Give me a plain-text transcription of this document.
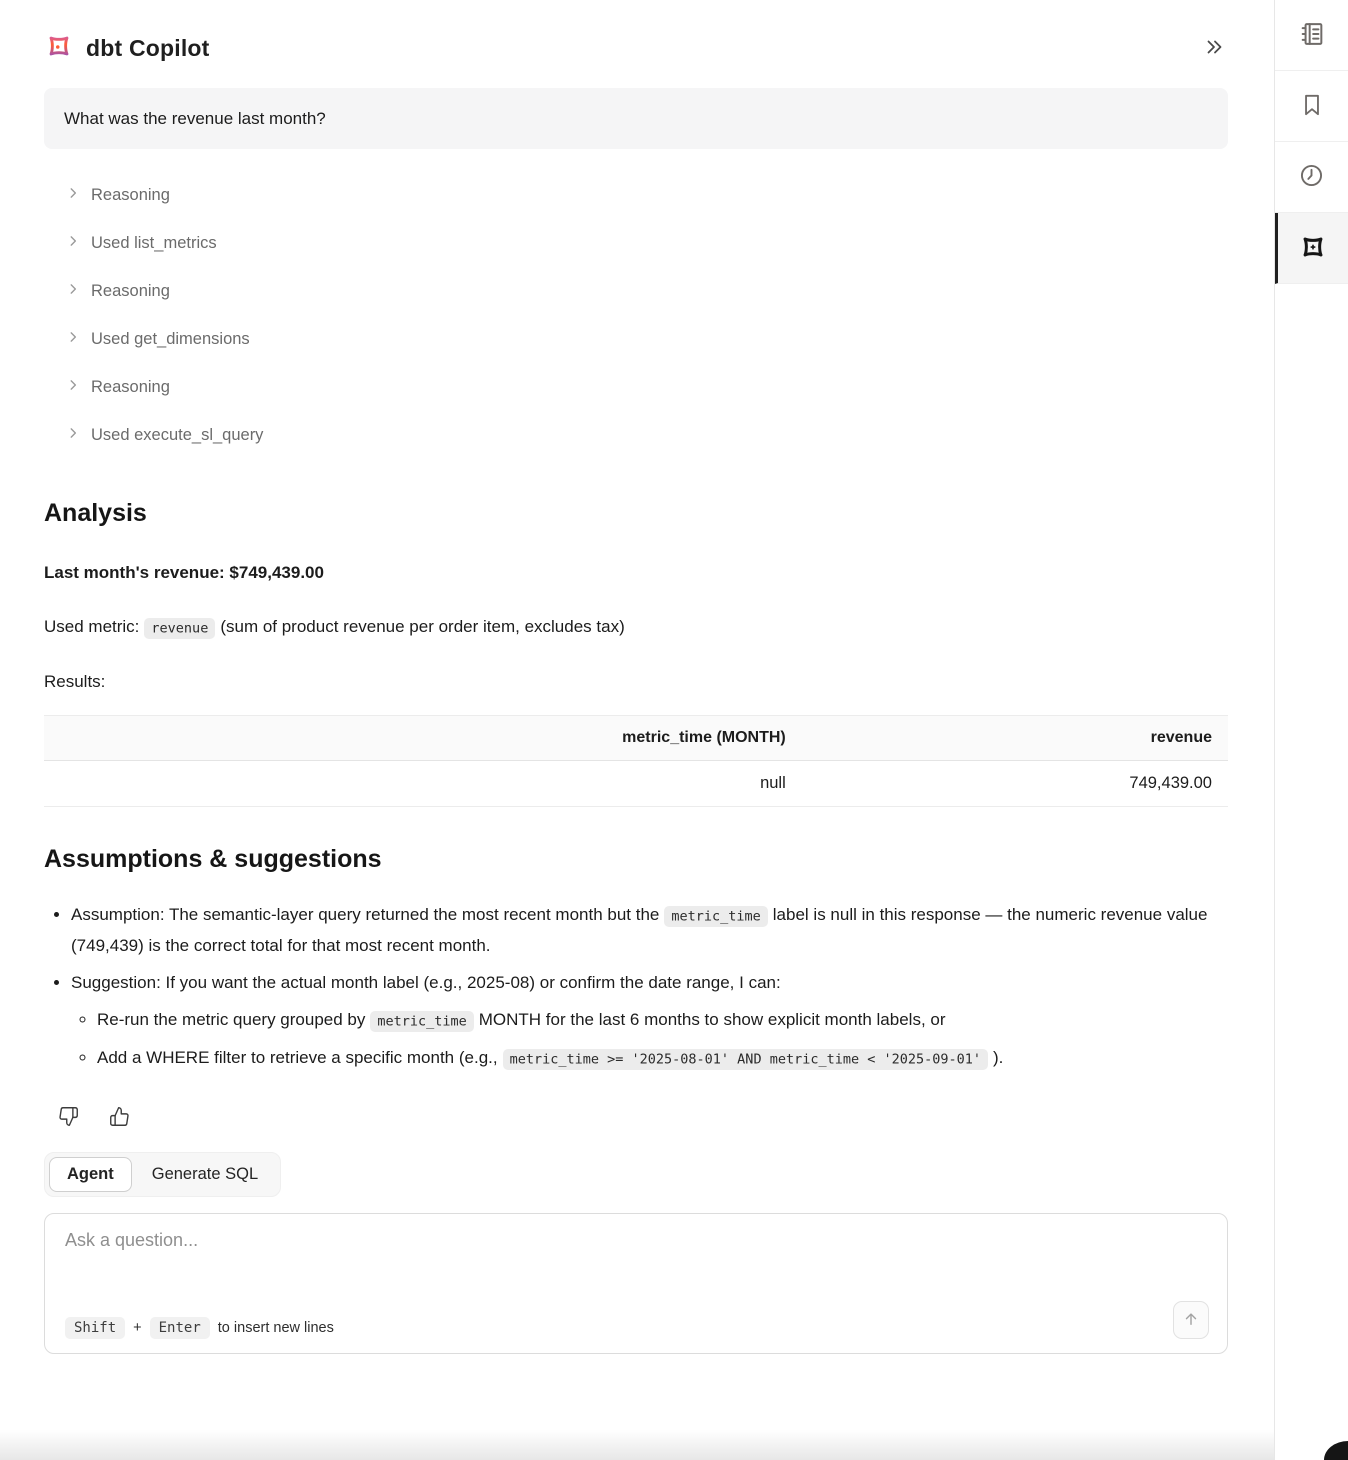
dbt Copilot
What was the revenue last month?
Reasoning
Used list_metrics
Reasoning
Used get_dimensions
Reasoning
Used execute_sl_query
Analysis

Last month's revenue: $749,439.00

Used metric: revenue (sum of product revenue per order item, excludes tax)

Results:

metric_time (MONTH)	revenue
null	749,439.00
Assumptions & suggestions
• Assumption: The semantic-layer query returned the most recent month but the metric_time label is null in this response — the numeric revenue value (749,439) is the correct total for that most recent month.
• Suggestion: If you want the actual month label (e.g., 2025-08) or confirm the date range, I can:
◦ Re-run the metric query grouped by metric_time MONTH for the last 6 months to show explicit month labels, or
◦ Add a WHERE filter to retrieve a specific month (e.g., metric_time >= '2025-08-01' AND metric_time < '2025-09-01' ).
Agent	Generate SQL
Ask a question...
Shift	+	Enter	to insert new lines
